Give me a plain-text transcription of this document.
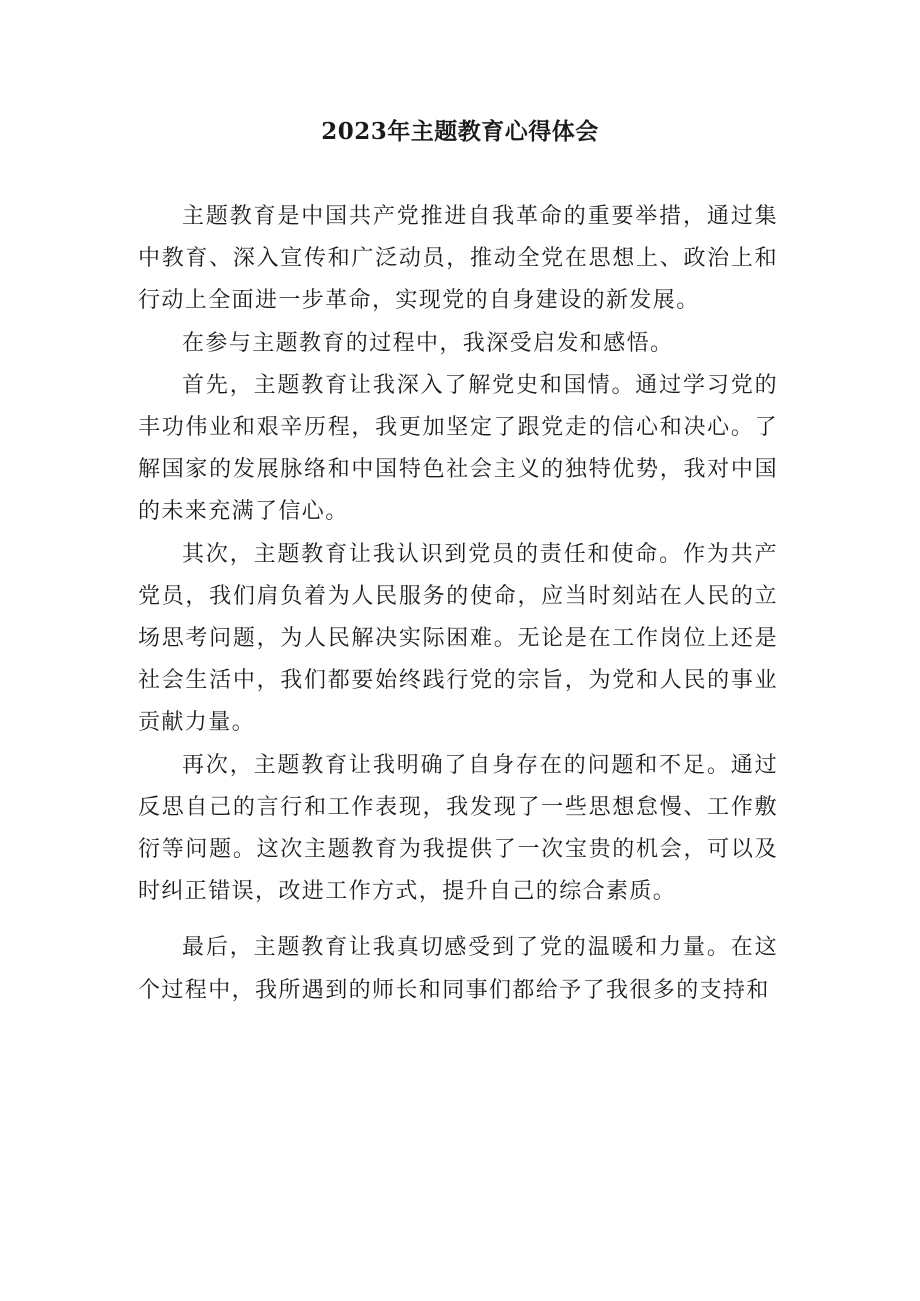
2023年主题教育心得体会

主题教育是中国共产党推进自我革命的重要举措，通过集中教育、深入宣传和广泛动员，推动全党在思想上、政治上和行动上全面进一步革命，实现党的自身建设的新发展。

在参与主题教育的过程中，我深受启发和感悟。

首先，主题教育让我深入了解党史和国情。通过学习党的丰功伟业和艰辛历程，我更加坚定了跟党走的信心和决心。了解国家的发展脉络和中国特色社会主义的独特优势，我对中国的未来充满了信心。

其次，主题教育让我认识到党员的责任和使命。作为共产党员，我们肩负着为人民服务的使命，应当时刻站在人民的立场思考问题，为人民解决实际困难。无论是在工作岗位上还是社会生活中，我们都要始终践行党的宗旨，为党和人民的事业贡献力量。

再次，主题教育让我明确了自身存在的问题和不足。通过反思自己的言行和工作表现，我发现了一些思想怠慢、工作敷衍等问题。这次主题教育为我提供了一次宝贵的机会，可以及时纠正错误，改进工作方式，提升自己的综合素质。

最后，主题教育让我真切感受到了党的温暖和力量。在这个过程中，我所遇到的师长和同事们都给予了我很多的支持和
